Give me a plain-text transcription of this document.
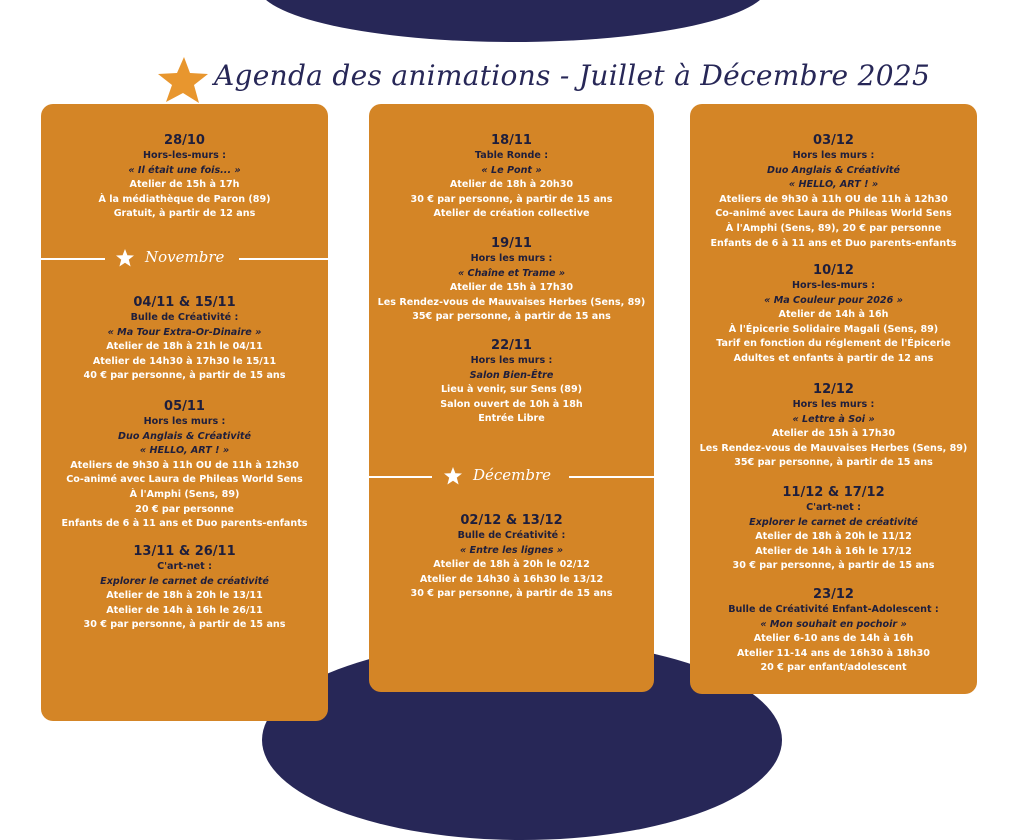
Agenda des animations - Juillet à Décembre 2025
28/10
Hors-les-murs :
« Il était une fois... »
Atelier de 15h à 17h
À la médiathèque de Paron (89)
Gratuit, à partir de 12 ans
Novembre
04/11 & 15/11
Bulle de Créativité :
« Ma Tour Extra-Or-Dinaire »
Atelier de 18h à 21h le 04/11
Atelier de 14h30 à 17h30 le 15/11
40 € par personne, à partir de 15 ans
05/11
Hors les murs :
Duo Anglais & Créativité
« HELLO, ART ! »
Ateliers de 9h30 à 11h OU de 11h à 12h30
Co-animé avec Laura de Phileas World Sens
À l'Amphi (Sens, 89)
20 € par personne
Enfants de 6 à 11 ans et Duo parents-enfants
13/11 & 26/11
C'art-net :
Explorer le carnet de créativité
Atelier de 18h à 20h le 13/11
Atelier de 14h à 16h le 26/11
30 € par personne, à partir de 15 ans
18/11
Table Ronde :
« Le Pont »
Atelier de 18h à 20h30
30 € par personne, à partir de 15 ans
Atelier de création collective
19/11
Hors les murs :
« Chaîne et Trame »
Atelier de 15h à 17h30
Les Rendez-vous de Mauvaises Herbes (Sens, 89)
35€ par personne, à partir de 15 ans
22/11
Hors les murs :
Salon Bien-Être
Lieu à venir, sur Sens (89)
Salon ouvert de 10h à 18h
Entrée Libre
Décembre
02/12 & 13/12
Bulle de Créativité :
« Entre les lignes »
Atelier de 18h à 20h le 02/12
Atelier de 14h30 à 16h30 le 13/12
30 € par personne, à partir de 15 ans
03/12
Hors les murs :
Duo Anglais & Créativité
« HELLO, ART ! »
Ateliers de 9h30 à 11h OU de 11h à 12h30
Co-animé avec Laura de Phileas World Sens
À l'Amphi (Sens, 89), 20 € par personne
Enfants de 6 à 11 ans et Duo parents-enfants
10/12
Hors-les-murs :
« Ma Couleur pour 2026 »
Atelier de 14h à 16h
À l'Épicerie Solidaire Magali (Sens, 89)
Tarif en fonction du réglement de l'Épicerie
Adultes et enfants à partir de 12 ans
12/12
Hors les murs :
« Lettre à Soi »
Atelier de 15h à 17h30
Les Rendez-vous de Mauvaises Herbes (Sens, 89)
35€ par personne, à partir de 15 ans
11/12 & 17/12
C'art-net :
Explorer le carnet de créativité
Atelier de 18h à 20h le 11/12
Atelier de 14h à 16h le 17/12
30 € par personne, à partir de 15 ans
23/12
Bulle de Créativité Enfant-Adolescent :
« Mon souhait en pochoir »
Atelier 6-10 ans de 14h à 16h
Atelier 11-14 ans de 16h30 à 18h30
20 € par enfant/adolescent
